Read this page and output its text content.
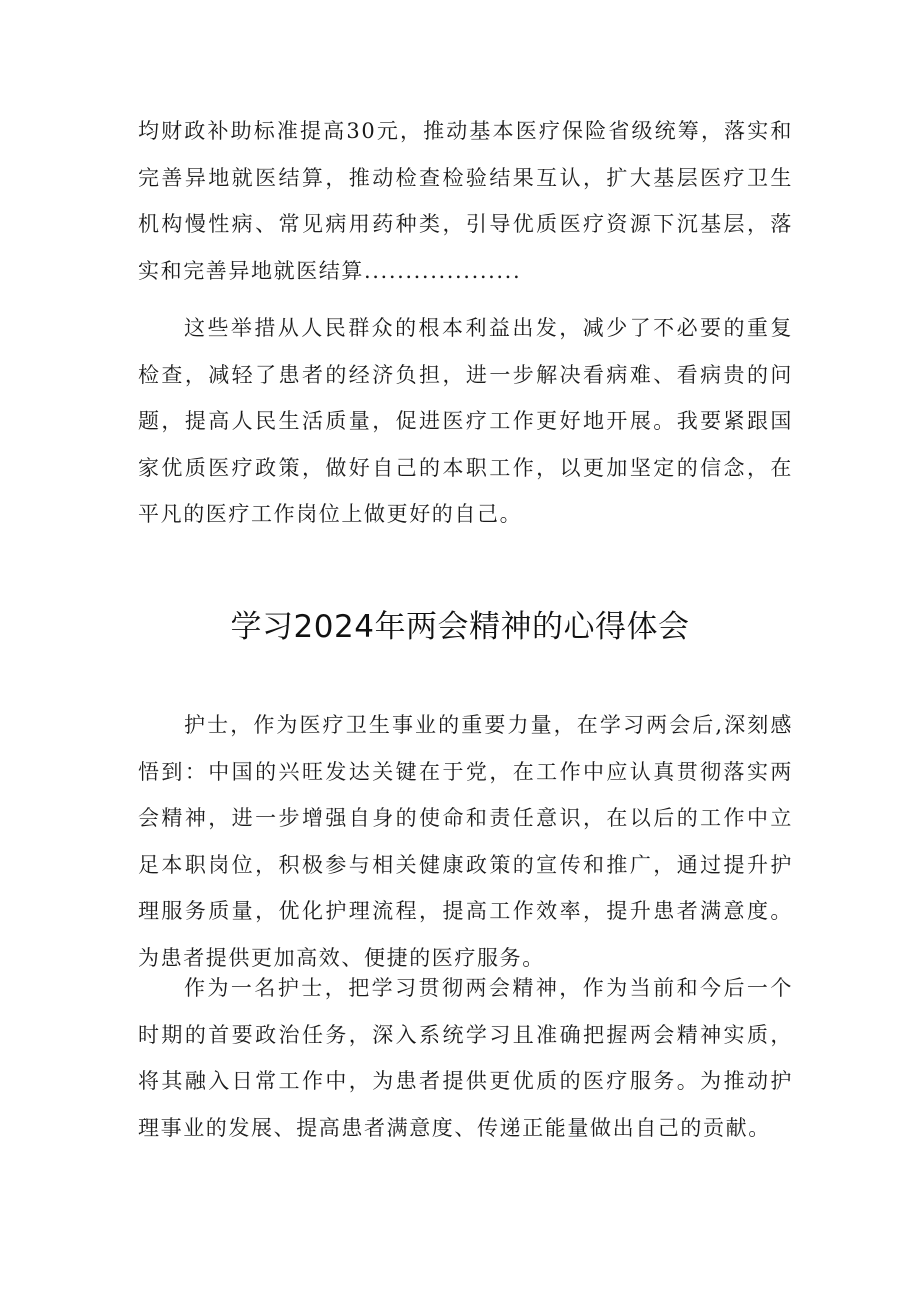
均财政补助标准提高30元，推动基本医疗保险省级统筹，落实和完善异地就医结算，推动检查检验结果互认，扩大基层医疗卫生机构慢性病、常见病用药种类，引导优质医疗资源下沉基层，落实和完善异地就医结算...................

这些举措从人民群众的根本利益出发，减少了不必要的重复检查，减轻了患者的经济负担，进一步解决看病难、看病贵的问题，提高人民生活质量，促进医疗工作更好地开展。我要紧跟国家优质医疗政策，做好自己的本职工作，以更加坚定的信念，在平凡的医疗工作岗位上做更好的自己。

学习2024年两会精神的心得体会

护士，作为医疗卫生事业的重要力量，在学习两会后,深刻感悟到：中国的兴旺发达关键在于党，在工作中应认真贯彻落实两会精神，进一步增强自身的使命和责任意识，在以后的工作中立足本职岗位，积极参与相关健康政策的宣传和推广，通过提升护理服务质量，优化护理流程，提高工作效率，提升患者满意度。为患者提供更加高效、便捷的医疗服务。

作为一名护士，把学习贯彻两会精神，作为当前和今后一个时期的首要政治任务，深入系统学习且准确把握两会精神实质，将其融入日常工作中，为患者提供更优质的医疗服务。为推动护理事业的发展、提高患者满意度、传递正能量做出自己的贡献。
